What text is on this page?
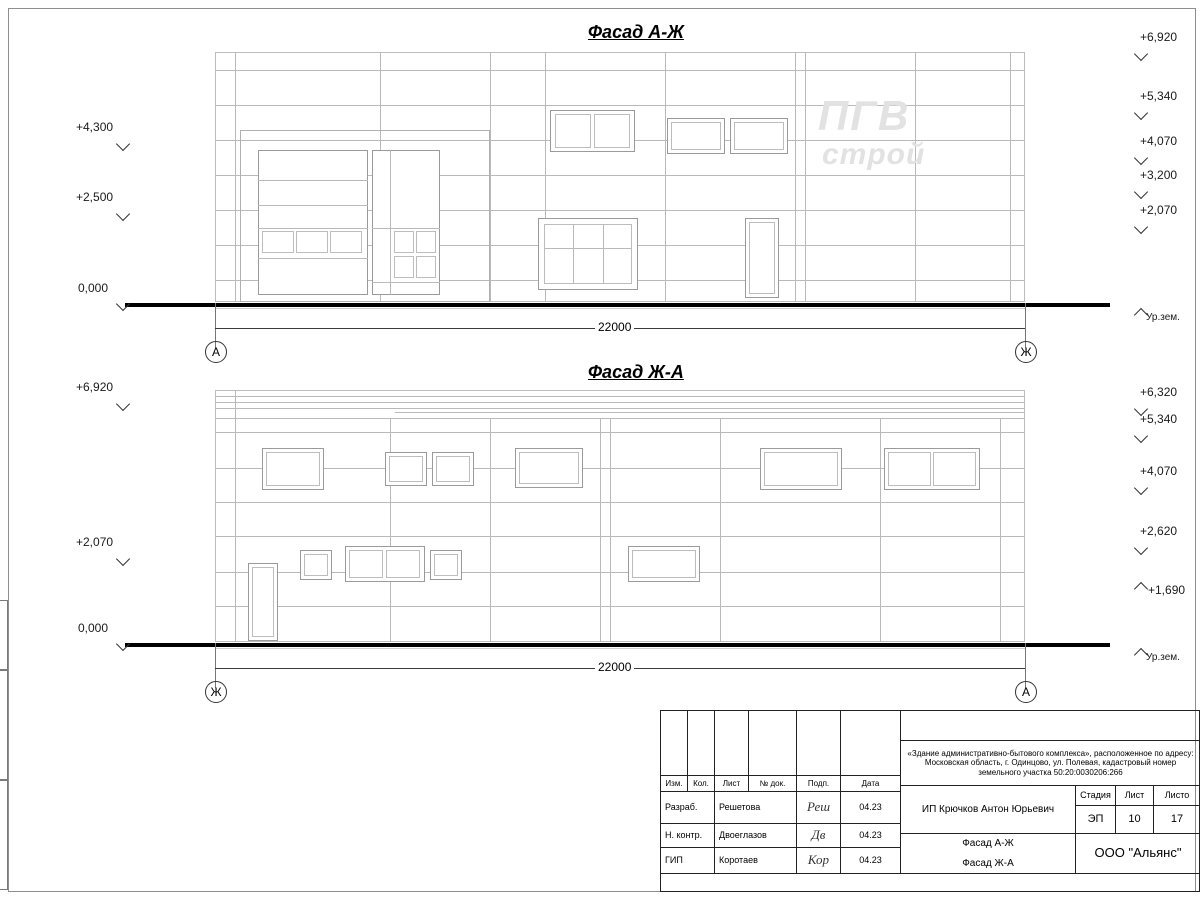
Фасад А-Ж
ПГВ
строй
+4,300
+2,500
0,000
+6,920
+5,340
+4,070
+3,200
+2,070
Ур.зем.
22000
А	Ж
Фасад Ж-А
+6,920
+2,070
0,000
+6,320
+5,340
+4,070
+2,620
+1,690
Ур.зем.
22000
Ж	А
«Здание административно-бытового комплекса», расположенное по адресу: Московская область, г. Одинцово, ул. Полевая, кадастровый номер земельного участка 50:20:0030206:266
Изм.	Кол.	Лист	№ док.	Подп.	Дата
Разраб.	Решетова	Реш	04.23
Н. контр.	Двоеглазов	Дв	04.23
ГИП	Коротаев	Кор	04.23
ИП Крючков Антон Юрьевич
Стадия	Лист	Листо
ЭП	10	17
Фасад А-Ж
Фасад Ж-А
ООО "Альянс"
